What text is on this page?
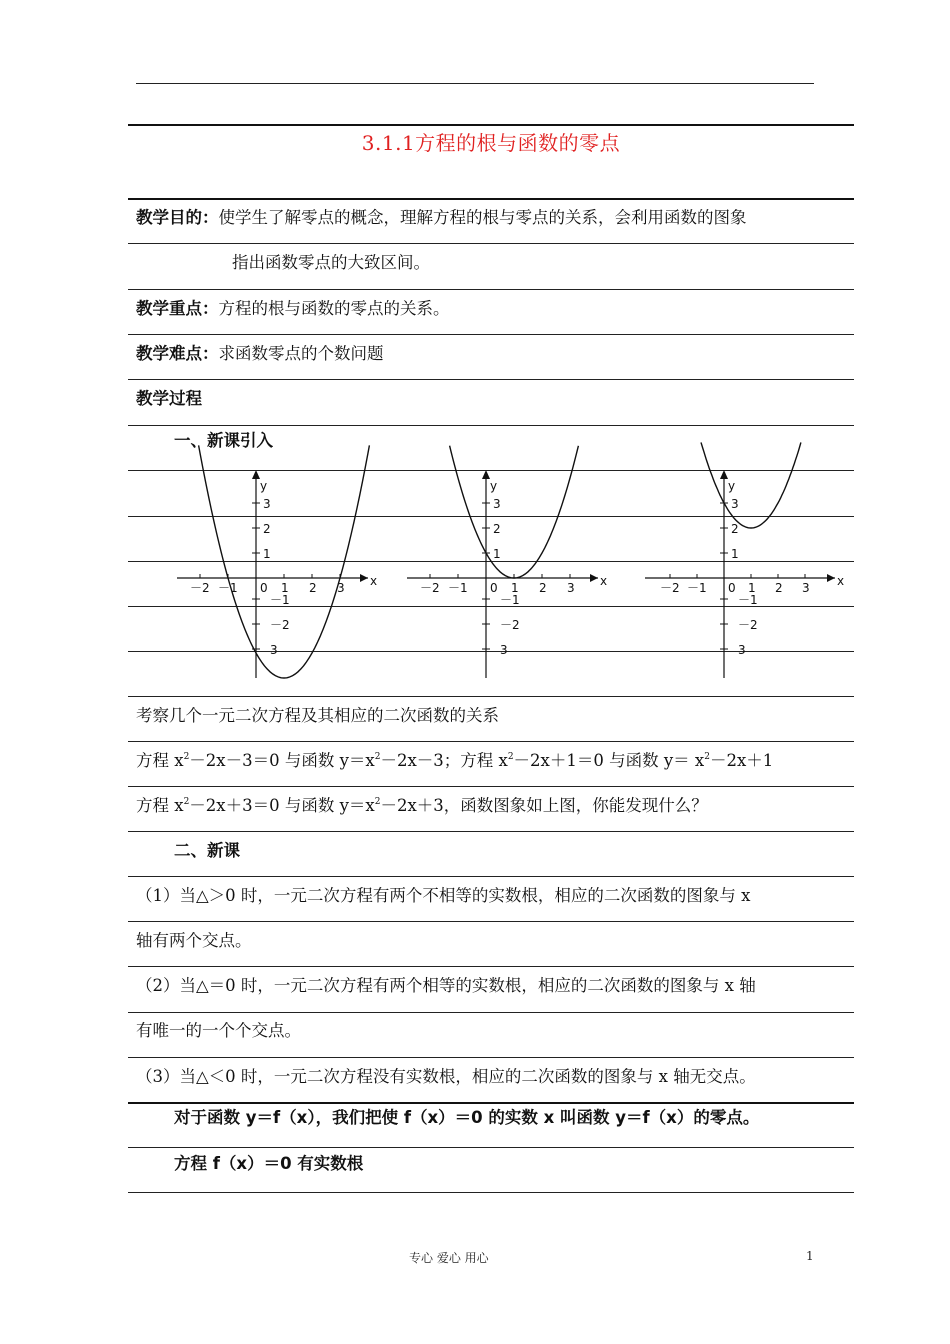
3.1.1方程的根与函数的零点
教学目的：使学生了解零点的概念，理解方程的根与零点的关系，会利用函数的图象
指出函数零点的大致区间。
教学重点：方程的根与函数的零点的关系。
教学难点：求函数零点的个数问题
教学过程
一、新课引入
x
y
0
－2 －1	1 2 3
3
2
1
－1
－2
3
x
y
0
－2 －1	1 2 3
3
2
1
－1
－2
3
x
y
0
－2 －1	1 2 3
3
2
1
－1
－2
3
考察几个一元二次方程及其相应的二次函数的关系
方程 $x^2-2x-3=0$ 与函数 $y=x^2-2x-3$；方程 $x^2-2x+1=0$ 与函数 $y= x^2-2x+1$
方程 $x^2-2x+3=0$ 与函数 $y=x^2-2x+3$，函数图象如上图，你能发现什么？
二、新课
（1）当△＞0 时，一元二次方程有两个不相等的实数根，相应的二次函数的图象与 x
轴有两个交点。
（2）当△＝0 时，一元二次方程有两个相等的实数根，相应的二次函数的图象与 x 轴
有唯一的一个个交点。
（3）当△＜0 时，一元二次方程没有实数根，相应的二次函数的图象与 x 轴无交点。
对于函数 y＝f（x），我们把使 f（x）＝0 的实数 x 叫函数 y＝f（x）的零点。
方程 f（x）＝0 有实数根
专心 爱心 用心	1
